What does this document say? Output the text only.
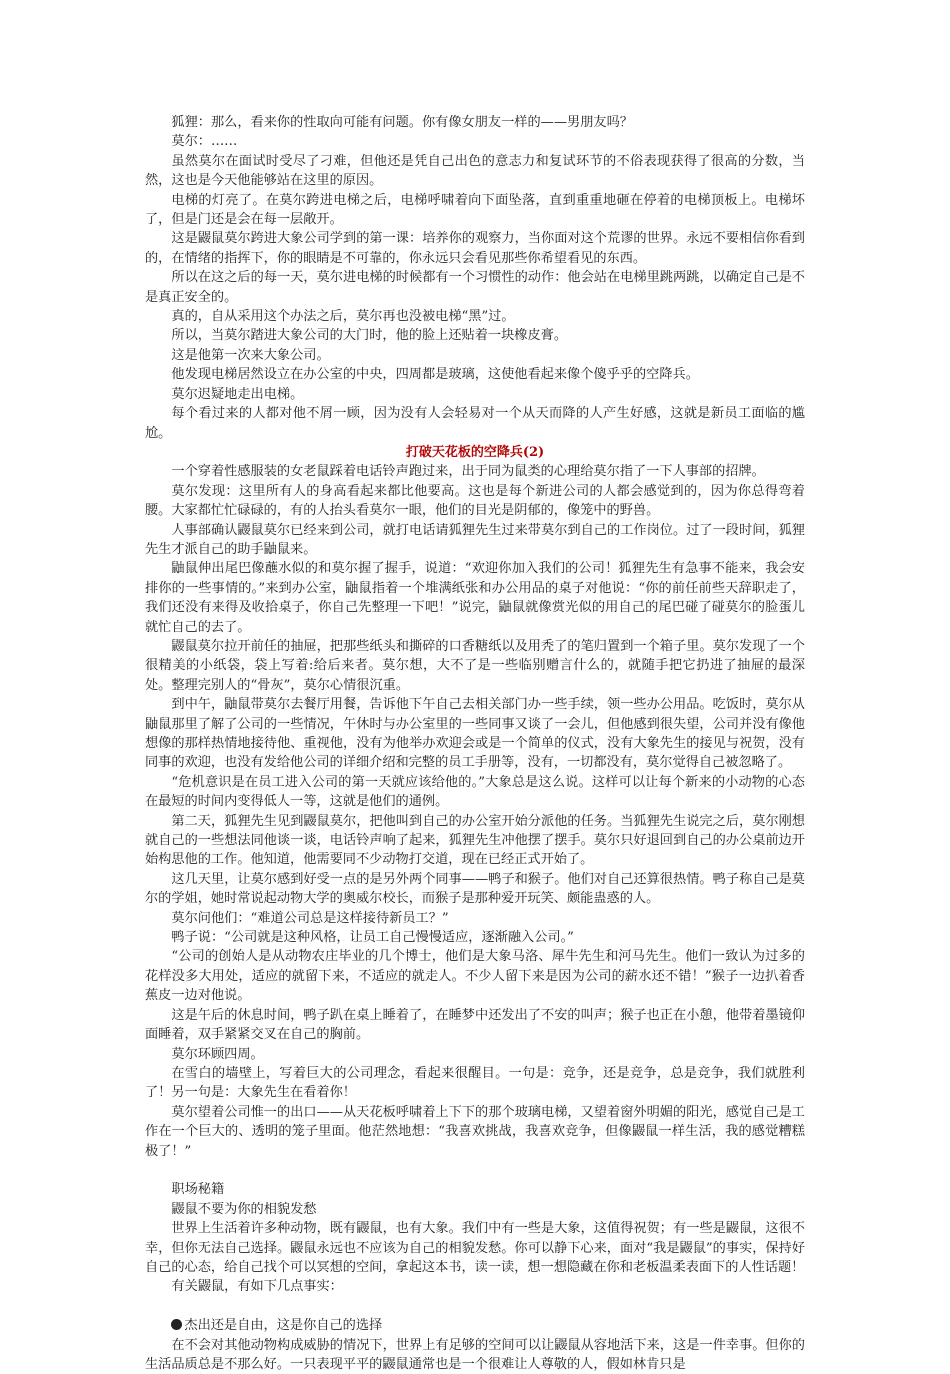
狐狸：那么，看来你的性取向可能有问题。你有像女朋友一样的——男朋友吗？

莫尔：……

虽然莫尔在面试时受尽了刁难，但他还是凭自己出色的意志力和复试环节的不俗表现获得了很高的分数，当然，这也是今天他能够站在这里的原因。

电梯的灯亮了。在莫尔跨进电梯之后，电梯呼啸着向下面坠落，直到重重地砸在停着的电梯顶板上。电梯坏了，但是门还是会在每一层敞开。

这是鼹鼠莫尔跨进大象公司学到的第一课：培养你的观察力，当你面对这个荒谬的世界。永远不要相信你看到的，在情绪的指挥下，你的眼睛是不可靠的，你永远只会看见那些你希望看见的东西。

所以在这之后的每一天，莫尔进电梯的时候都有一个习惯性的动作：他会站在电梯里跳两跳，以确定自己是不是真正安全的。

真的，自从采用这个办法之后，莫尔再也没被电梯“黑”过。

所以，当莫尔踏进大象公司的大门时，他的脸上还贴着一块橡皮膏。

这是他第一次来大象公司。

他发现电梯居然设立在办公室的中央，四周都是玻璃，这使他看起来像个傻乎乎的空降兵。

莫尔迟疑地走出电梯。

每个看过来的人都对他不屑一顾，因为没有人会轻易对一个从天而降的人产生好感，这就是新员工面临的尴尬。

打破天花板的空降兵(2)

一个穿着性感服装的女老鼠踩着电话铃声跑过来，出于同为鼠类的心理给莫尔指了一下人事部的招牌。

莫尔发现：这里所有人的身高看起来都比他要高。这也是每个新进公司的人都会感觉到的，因为你总得弯着腰。大家都忙忙碌碌的，有的人抬头看莫尔一眼，他们的目光是阴郁的，像笼中的野兽。

人事部确认鼹鼠莫尔已经来到公司，就打电话请狐狸先生过来带莫尔到自己的工作岗位。过了一段时间，狐狸先生才派自己的助手鼬鼠来。

鼬鼠伸出尾巴像蘸水似的和莫尔握了握手，说道：“欢迎你加入我们的公司！狐狸先生有急事不能来，我会安排你的一些事情的。”来到办公室，鼬鼠指着一个堆满纸张和办公用品的桌子对他说：“你的前任前些天辞职走了，我们还没有来得及收拾桌子，你自己先整理一下吧！”说完，鼬鼠就像赏光似的用自己的尾巴碰了碰莫尔的脸蛋儿就忙自己的去了。

鼹鼠莫尔拉开前任的抽屉，把那些纸头和撕碎的口香糖纸以及用秃了的笔归置到一个箱子里。莫尔发现了一个很精美的小纸袋，袋上写着:给后来者。莫尔想，大不了是一些临别赠言什么的，就随手把它扔进了抽屉的最深处。整理完别人的“骨灰”，莫尔心情很沉重。

到中午，鼬鼠带莫尔去餐厅用餐，告诉他下午自己去相关部门办一些手续，领一些办公用品。吃饭时，莫尔从鼬鼠那里了解了公司的一些情况，午休时与办公室里的一些同事又谈了一会儿，但他感到很失望，公司并没有像他想像的那样热情地接待他、重视他，没有为他举办欢迎会或是一个简单的仪式，没有大象先生的接见与祝贺，没有同事的欢迎，也没有发给他公司的详细介绍和完整的员工手册等，没有，一切都没有，莫尔觉得自己被忽略了。

“危机意识是在员工进入公司的第一天就应该给他的。”大象总是这么说。这样可以让每个新来的小动物的心态在最短的时间内变得低人一等，这就是他们的通例。

第二天，狐狸先生见到鼹鼠莫尔，把他叫到自己的办公室开始分派他的任务。当狐狸先生说完之后，莫尔刚想就自己的一些想法同他谈一谈，电话铃声响了起来，狐狸先生冲他摆了摆手。莫尔只好退回到自己的办公桌前边开始构思他的工作。他知道，他需要同不少动物打交道，现在已经正式开始了。

这几天里，让莫尔感到好受一点的是另外两个同事——鸭子和猴子。他们对自己还算很热情。鸭子称自己是莫尔的学姐，她时常说起动物大学的奥威尔校长，而猴子是那种爱开玩笑、颇能蛊惑的人。

莫尔问他们：“难道公司总是这样接待新员工？”

鸭子说：“公司就是这种风格，让员工自己慢慢适应，逐渐融入公司。”

“公司的创始人是从动物农庄毕业的几个博士，他们是大象马洛、犀牛先生和河马先生。他们一致认为过多的花样没多大用处，适应的就留下来，不适应的就走人。不少人留下来是因为公司的薪水还不错！”猴子一边扒着香蕉皮一边对他说。

这是午后的休息时间，鸭子趴在桌上睡着了，在睡梦中还发出了不安的叫声；猴子也正在小憩，他带着墨镜仰面睡着，双手紧紧交叉在自己的胸前。

莫尔环顾四周。

在雪白的墙壁上，写着巨大的公司理念，看起来很醒目。一句是：竞争，还是竞争，总是竞争，我们就胜利了！另一句是：大象先生在看着你！

莫尔望着公司惟一的出口——从天花板呼啸着上下下的那个玻璃电梯，又望着窗外明媚的阳光，感觉自己是工作在一个巨大的、透明的笼子里面。他茫然地想：“我喜欢挑战，我喜欢竞争，但像鼹鼠一样生活，我的感觉糟糕极了！”

职场秘籍

鼹鼠不要为你的相貌发愁

世界上生活着许多种动物，既有鼹鼠，也有大象。我们中有一些是大象，这值得祝贺；有一些是鼹鼠，这很不幸，但你无法自己选择。鼹鼠永远也不应该为自己的相貌发愁。你可以静下心来，面对“我是鼹鼠”的事实，保持好自己的心态，给自己找个可以冥想的空间，拿起这本书，读一读，想一想隐藏在你和老板温柔表面下的人性话题！

有关鼹鼠，有如下几点事实：

杰出还是自由，这是你自己的选择

在不会对其他动物构成威胁的情况下，世界上有足够的空间可以让鼹鼠从容地活下来，这是一件幸事。但你的生活品质总是不那么好。一只表现平平的鼹鼠通常也是一个很难让人尊敬的人，假如林肯只是
